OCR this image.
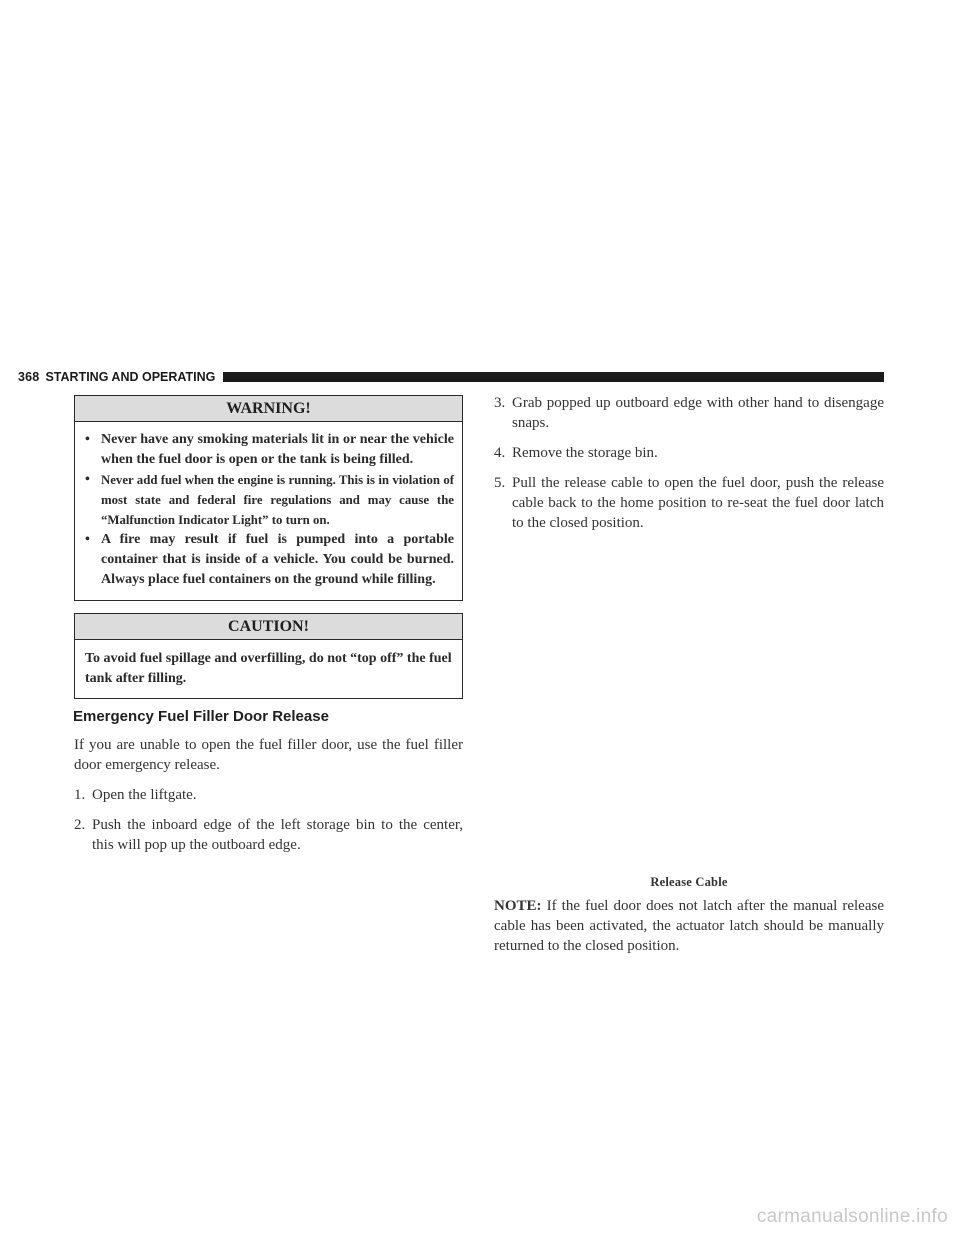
368 STARTING AND OPERATING
WARNING!
• Never have any smoking materials lit in or near the vehicle when the fuel door is open or the tank is being filled.
• Never add fuel when the engine is running. This is in violation of most state and federal fire regulations and may cause the “Malfunction Indicator Light” to turn on.
• A fire may result if fuel is pumped into a portable container that is inside of a vehicle. You could be burned. Always place fuel containers on the ground while filling.
CAUTION!
To avoid fuel spillage and overfilling, do not “top off” the fuel tank after filling.
Emergency Fuel Filler Door Release

If you are unable to open the fuel filler door, use the fuel filler door emergency release.

1. Open the liftgate.
2. Push the inboard edge of the left storage bin to the center, this will pop up the outboard edge.
3. Grab popped up outboard edge with other hand to disengage snaps.
4. Remove the storage bin.
5. Pull the release cable to open the fuel door, push the release cable back to the home position to re-seat the fuel door latch to the closed position.
Release Cable

NOTE: If the fuel door does not latch after the manual release cable has been activated, the actuator latch should be manually returned to the closed position.

carmanualsonline.info
